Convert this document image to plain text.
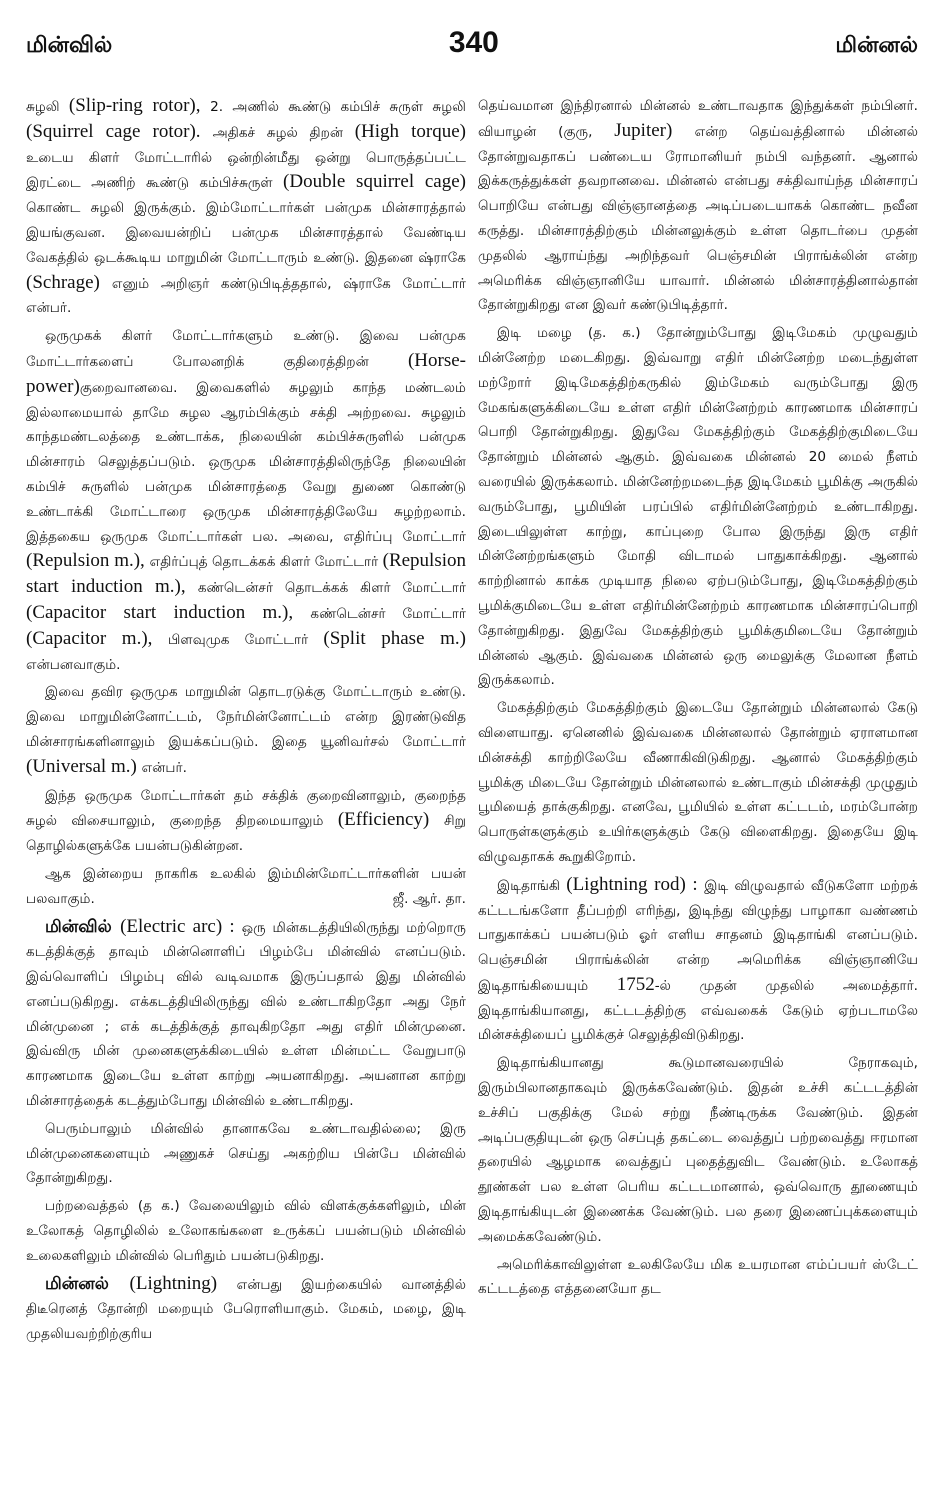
மின்வில்	340	மின்னல்

சுழலி (Slip-ring rotor), 2. அணில் கூண்டு கம்பிச் சுருள் சுழலி (Squirrel cage rotor). அதிகச் சுழல் திறன் (High torque) உடைய கிளர் மோட்டாரில் ஒன்றின்மீது ஒன்று பொருத்தப்பட்ட இரட்டை அணிற் கூண்டு கம்பிச்சுருள் (Double squirrel cage) கொண்ட சுழலி இருக்கும். இம்மோட்டார்கள் பன்முக மின்சாரத்தால் இயங்குவன. இவையன்றிப் பன்முக மின்சாரத்தால் வேண்டிய வேகத்தில் ஒடக்கூடிய மாறுமின் மோட்டாரும் உண்டு. இதனை ஷ்ராகே (Schrage) எனும் அறிஞர் கண்டுபிடித்ததால், ஷ்ராகே மோட்டார் என்பர்.

ஒருமுகக் கிளர் மோட்டார்களும் உண்டு. இவை பன்முக மோட்டார்களைப் போலனறிக் குதிரைத்திறன் (Horse-power)குறைவானவை. இவைகளில் சுழலும் காந்த மண்டலம் இல்லாமையால் தாமே சுழல ஆரம்பிக்கும் சக்தி அற்றவை. சுழலும் காந்தமண்டலத்தை உண்டாக்க, நிலையின் கம்பிச்சுருளில் பன்முக மின்சாரம் செலுத்தப்படும். ஒருமுக மின்சாரத்திலிருந்தே நிலையின் கம்பிச் சுருளில் பன்முக மின்சாரத்தை வேறு துணை கொண்டு உண்டாக்கி மோட்டாரை ஒருமுக மின்சாரத்திலேயே சுழற்றலாம். இத்தகைய ஒருமுக மோட்டார்கள் பல. அவை, எதிர்ப்பு மோட்டார் (Repulsion m.), எதிர்ப்புத் தொடக்கக் கிளர் மோட்டார் (Repulsion start induction m.), கண்டென்சர் தொடக்கக் கிளர் மோட்டார் (Capacitor start induction m.), கண்டென்சர் மோட்டார் (Capacitor m.), பிளவுமுக மோட்டார் (Split phase m.) என்பனவாகும்.

இவை தவிர ஒருமுக மாறுமின் தொடரடுக்கு மோட்டாரும் உண்டு. இவை மாறுமின்னோட்டம், நேர்மின்னோட்டம் என்ற இரண்டுவித மின்சாரங்களினாலும் இயக்கப்படும். இதை யூனிவர்சல் மோட்டார் (Universal m.) என்பர்.

இந்த ஒருமுக மோட்டார்கள் தம் சக்திக் குறைவினாலும், குறைந்த சுழல் விசையாலும், குறைந்த திறமையாலும் (Efficiency) சிறு தொழில்களுக்கே பயன்படுகின்றன.

ஆக இன்றைய நாகரிக உலகில் இம்மின்மோட்டார்களின் பயன் பலவாகும்.	ஜீ. ஆர். தா.

மின்வில் (Electric arc) : ஒரு மின்கடத்தியிலிருந்து மற்றொரு கடத்திக்குத் தாவும் மின்னொளிப் பிழம்பே மின்வில் எனப்படும். இவ்வொளிப் பிழம்பு வில் வடிவமாக இருப்பதால் இது மின்வில் எனப்படுகிறது. எக்கடத்தியிலிருந்து வில் உண்டாகிறதோ அது நேர் மின்முனை ; எக் கடத்திக்குத் தாவுகிறதோ அது எதிர் மின்முனை. இவ்விரு மின் முனைகளுக்கிடையில் உள்ள மின்மட்ட வேறுபாடு காரணமாக இடையே உள்ள காற்று அயனாகிறது. அயனான காற்று மின்சாரத்தைக் கடத்தும்போது மின்வில் உண்டாகிறது.

பெரும்பாலும் மின்வில் தானாகவே உண்டாவதில்லை; இரு மின்முனைகளையும் அணுகச் செய்து அகற்றிய பின்பே மின்வில் தோன்றுகிறது.

பற்றவைத்தல் (த க.) வேலையிலும் வில் விளக்குக்களிலும், மின் உலோகத் தொழிலில் உலோகங்களை உருக்கப் பயன்படும் மின்வில் உலைகளிலும் மின்வில் பெரிதும் பயன்படுகிறது.

மின்னல் (Lightning) என்பது இயற்கையில் வானத்தில் திடீரெனத் தோன்றி மறையும் பேரொளியாகும். மேகம், மழை, இடி முதலியவற்றிற்குரிய

தெய்வமான இந்திரனால் மின்னல் உண்டாவதாக இந்துக்கள் நம்பினர். வியாழன் (குரு, Jupiter) என்ற தெய்வத்தினால் மின்னல் தோன்றுவதாகப் பண்டைய ரோமானியர் நம்பி வந்தனர். ஆனால் இக்கருத்துக்கள் தவறானவை. மின்னல் என்பது சக்திவாய்ந்த மின்சாரப் பொறியே என்பது விஞ்ஞானத்தை அடிப்படையாகக் கொண்ட நவீன கருத்து. மின்சாரத்திற்கும் மின்னலுக்கும் உள்ள தொடர்பை முதன் முதலில் ஆராய்ந்து அறிந்தவர் பெஞ்சமின் பிராங்க்லின் என்ற அமெரிக்க விஞ்ஞானியே யாவார். மின்னல் மின்சாரத்தினால்தான் தோன்றுகிறது என இவர் கண்டுபிடித்தார்.

இடி மழை (த. க.) தோன்றும்போது இடிமேகம் முழுவதும் மின்னேற்ற மடைகிறது. இவ்வாறு எதிர் மின்னேற்ற மடைந்துள்ள மற்றோர் இடிமேகத்திற்கருகில் இம்மேகம் வரும்போது இரு மேகங்களுக்கிடையே உள்ள எதிர் மின்னேற்றம் காரணமாக மின்சாரப் பொறி தோன்றுகிறது. இதுவே மேகத்திற்கும் மேகத்திற்குமிடையே தோன்றும் மின்னல் ஆகும். இவ்வகை மின்னல் 20 மைல் நீளம் வரையில் இருக்கலாம். மின்னேற்றமடைந்த இடிமேகம் பூமிக்கு அருகில் வரும்போது, பூமியின் பரப்பில் எதிர்மின்னேற்றம் உண்டாகிறது. இடையிலுள்ள காற்று, காப்புறை போல இருந்து இரு எதிர் மின்னேற்றங்களும் மோதி விடாமல் பாதுகாக்கிறது. ஆனால் காற்றினால் காக்க முடியாத நிலை ஏற்படும்போது, இடிமேகத்திற்கும் பூமிக்குமிடையே உள்ள எதிர்மின்னேற்றம் காரணமாக மின்சாரப்பொறி தோன்றுகிறது. இதுவே மேகத்திற்கும் பூமிக்குமிடையே தோன்றும் மின்னல் ஆகும். இவ்வகை மின்னல் ஒரு மைலுக்கு மேலான நீளம் இருக்கலாம்.

மேகத்திற்கும் மேகத்திற்கும் இடையே தோன்றும் மின்னலால் கேடு விளையாது. ஏனெனில் இவ்வகை மின்னலால் தோன்றும் ஏராளமான மின்சக்தி காற்றிலேயே வீணாகிவிடுகிறது. ஆனால் மேகத்திற்கும் பூமிக்கு மிடையே தோன்றும் மின்னலால் உண்டாகும் மின்சக்தி முழுதும் பூமியைத் தாக்குகிறது. எனவே, பூமியில் உள்ள கட்டடம், மரம்போன்ற பொருள்களுக்கும் உயிர்களுக்கும் கேடு விளைகிறது. இதையே இடி விழுவதாகக் கூறுகிறோம்.

இடிதாங்கி (Lightning rod) : இடி விழுவதால் வீடுகளோ மற்றக் கட்டடங்களோ தீப்பற்றி எரிந்து, இடிந்து விழுந்து பாழாகா வண்ணம் பாதுகாக்கப் பயன்படும் ஓர் எளிய சாதனம் இடிதாங்கி எனப்படும். பெஞ்சமின் பிராங்க்லின் என்ற அமெரிக்க விஞ்ஞானியே இடிதாங்கியையும் 1752-ல் முதன் முதலில் அமைத்தார். இடிதாங்கியானது, கட்டடத்திற்கு எவ்வகைக் கேடும் ஏற்படாமலே மின்சக்தியைப் பூமிக்குச் செலுத்திவிடுகிறது.

இடிதாங்கியானது கூடுமானவரையில் நேராகவும், இரும்பிலானதாகவும் இருக்கவேண்டும். இதன் உச்சி கட்டடத்தின் உச்சிப் பகுதிக்கு மேல் சற்று நீண்டிருக்க வேண்டும். இதன் அடிப்பகுதியுடன் ஒரு செப்புத் தகட்டை வைத்துப் பற்றவைத்து ஈரமான தரையில் ஆழமாக வைத்துப் புதைத்துவிட வேண்டும். உலோகத் தூண்கள் பல உள்ள பெரிய கட்டடமானால், ஒவ்வொரு தூணையும் இடிதாங்கியுடன் இணைக்க வேண்டும். பல தரை இணைப்புக்களையும் அமைக்கவேண்டும்.

அமெரிக்காவிலுள்ள உலகிலேயே மிக உயரமான எம்ப்பயர் ஸ்டேட் கட்டடத்தை எத்தனையோ தட
